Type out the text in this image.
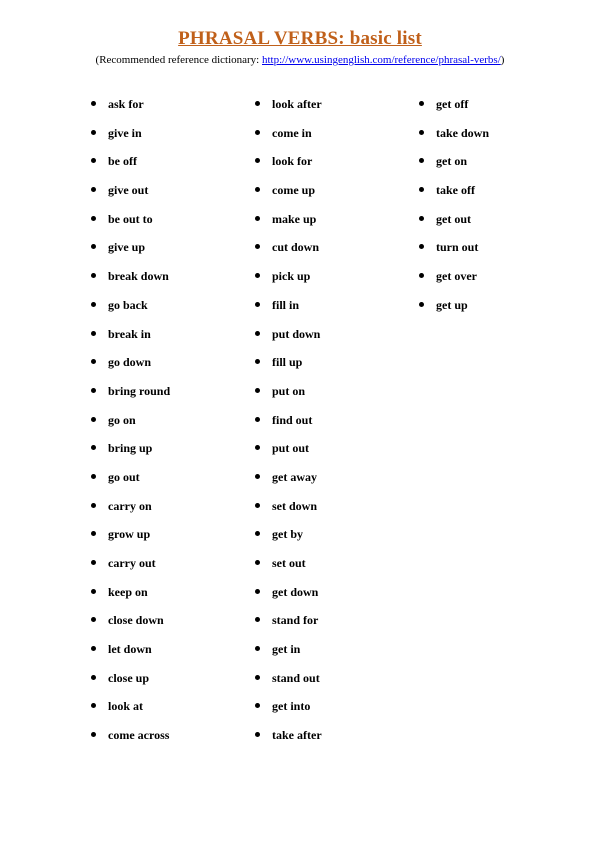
PHRASAL VERBS: basic list
(Recommended reference dictionary: http://www.usingenglish.com/reference/phrasal-verbs/)
ask for
give in
be off
give out
be out to
give up
break down
go back
break in
go down
bring round
go on
bring up
go out
carry on
grow up
carry out
keep on
close down
let down
close up
look at
come across
look after
come in
look for
come up
make up
cut down
pick up
fill in
put down
fill up
put on
find out
put out
get away
set down
get by
set out
get down
stand for
get in
stand out
get into
take after
get off
take down
get on
take off
get out
turn out
get over
get up
